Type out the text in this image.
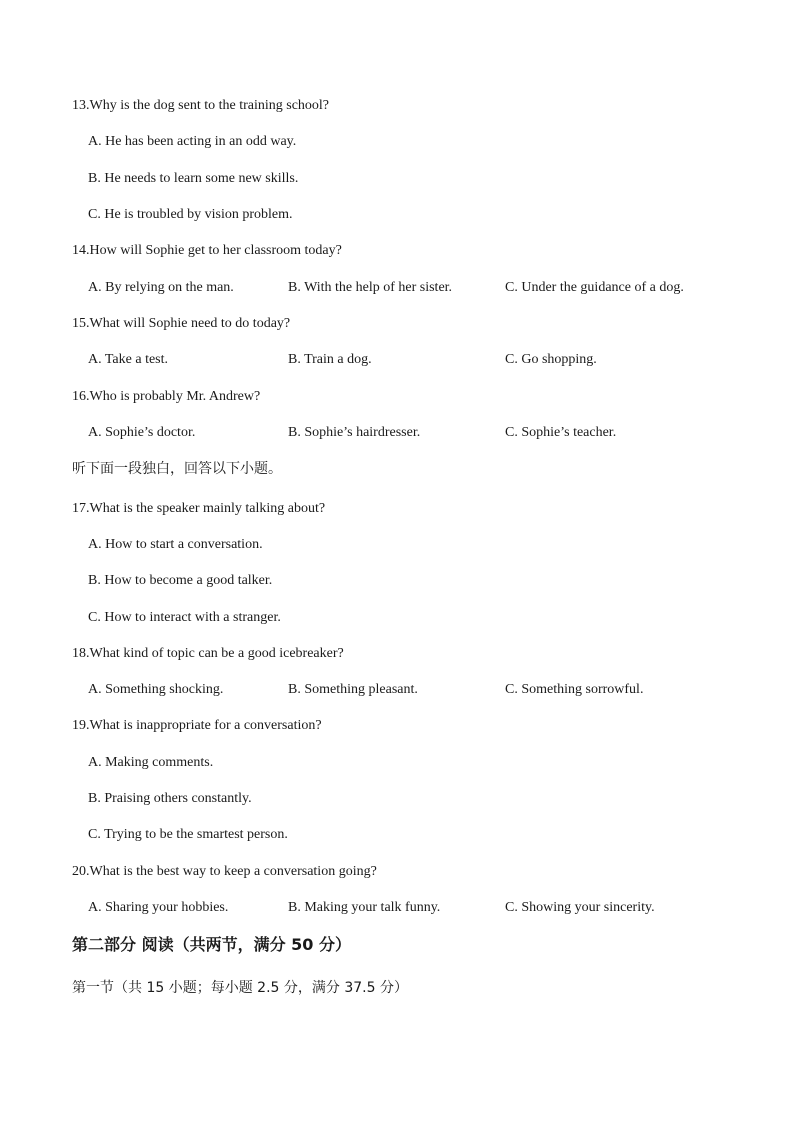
13.Why is the dog sent to the training school?
A. He has been acting in an odd way.
B. He needs to learn some new skills.
C. He is troubled by vision problem.
14.How will Sophie get to her classroom today?
A. By relying on the man.	B. With the help of her sister.	C. Under the guidance of a dog.
15.What will Sophie need to do today?
A. Take a test.	B. Train a dog.	C. Go shopping.
16.Who is probably Mr. Andrew?
A. Sophie’s doctor.	B. Sophie’s hairdresser.	C. Sophie’s teacher.
听下面一段独白，回答以下小题。
17.What is the speaker mainly talking about?
A. How to start a conversation.
B. How to become a good talker.
C. How to interact with a stranger.
18.What kind of topic can be a good icebreaker?
A. Something shocking.	B. Something pleasant.	C. Something sorrowful.
19.What is inappropriate for a conversation?
A. Making comments.
B. Praising others constantly.
C. Trying to be the smartest person.
20.What is the best way to keep a conversation going?
A. Sharing your hobbies.	B. Making your talk funny.	C. Showing your sincerity.
第二部分 阅读（共两节，满分 50 分）
第一节（共 15 小题；每小题 2.5 分，满分 37.5 分）
